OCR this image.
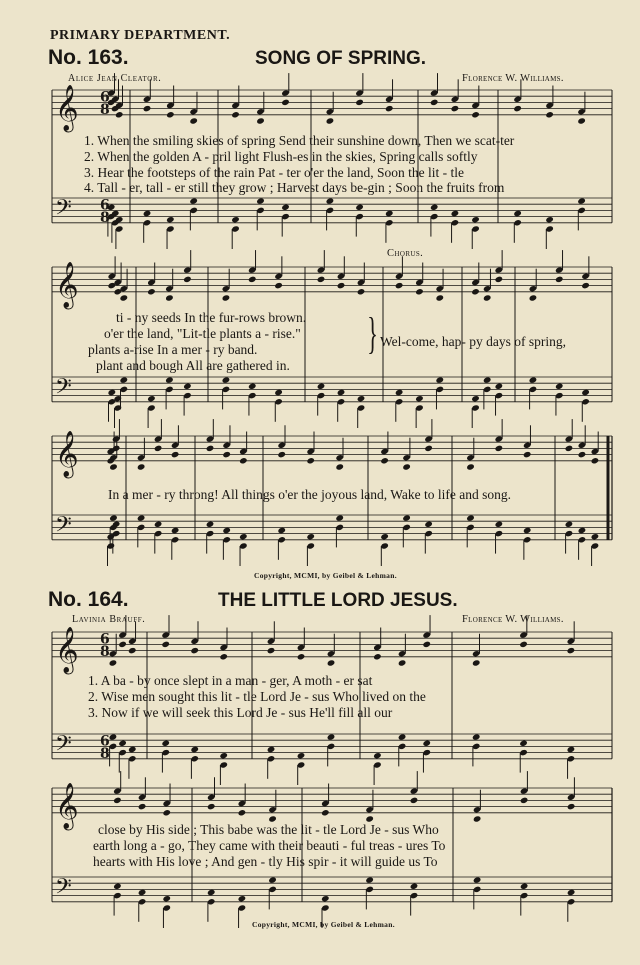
𝄞
𝄢
𝄞
𝄢
𝄞
𝄢
𝄞
𝄢
𝄞
𝄢
6
8
6
8
6
8
6
8
PRIMARY DEPARTMENT.
No. 163.	SONG OF SPRING.
Alice Jean Cleator.	Florence W. Williams.
1. When the smiling skies of spring Send their sunshine down, Then we scat-ter
2. When the golden A - pril light Flush-es in the skies, Spring calls softly
3. Hear the footsteps of the rain Pat - ter o'er the land, Soon the lit - tle
4. Tall - er, tall - er still they grow ; Harvest days be-gin ; Soon the fruits from
Chorus.
ti - ny seeds In the fur-rows brown.
o'er the land, "Lit-tle plants a - rise."
plants a-rise In a mer - ry band.
plant and bough All are gathered in.
} Wel-come, hap- py days of spring,
In a mer - ry throng! All things o'er the joyous land, Wake to life and song.
Copyright, MCMI, by Geibel & Lehman.
No. 164.	THE LITTLE LORD JESUS.
Lavinia Brauff.	Florence W. Williams.
1. A ba - by once slept in a man - ger, A moth - er sat
2. Wise men sought this lit - tle Lord Je - sus Who lived on the
3. Now if we will seek this Lord Je - sus He'll fill all our
close by His side ; This babe was the lit - tle Lord Je - sus Who
earth long a - go, They came with their beauti - ful treas - ures To
hearts with His love ; And gen - tly His spir - it will guide us To
Copyright, MCMI, by Geibel & Lehman.
